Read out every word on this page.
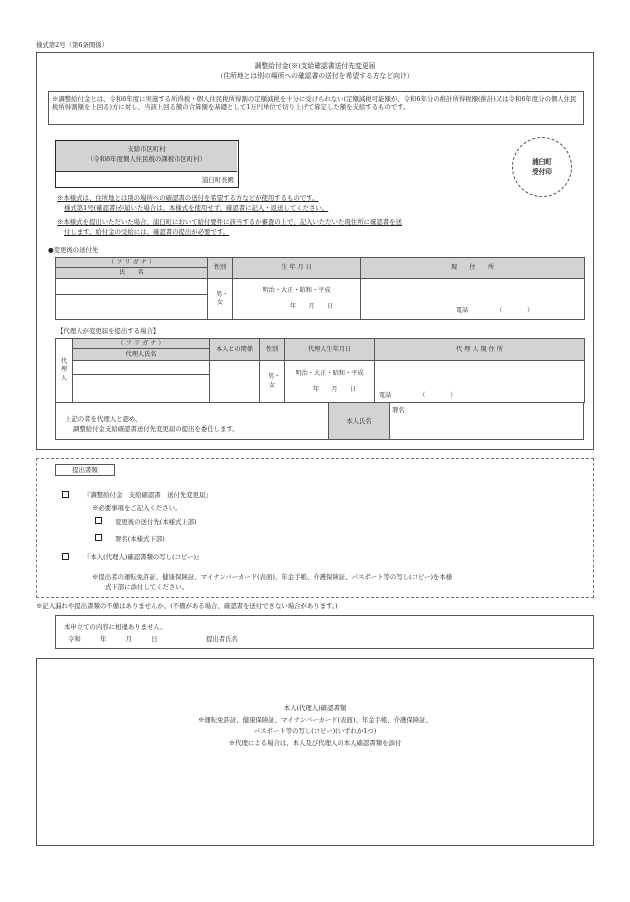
様式第2号（第6条関係）
調整給付金(※)支給確認書送付先変更届
（住所地とは別の場所への確認書の送付を希望する方など向け）
※調整給付金とは、令和6年度に実施する所得税・個人住民税所得割の定額減税を十分に受けられない(定額減税可能額が、令和6年分の推計所得税額(推計)又は令和6年度分の個人住民税所得割額を上回る)方に対し、当該上回る額の合算額を基礎として1万円単位で切り上げて算定した額を支給するものです。
支給市区町村
（令和6年度個人住民税の課税市区町村）
浦臼町長殿
浦臼町
受付印
※本様式は、住所地とは別の場所への確認書の送付を希望する方などが使用するものです。
様式第1号(確認書)が届いた場合は、本様式を使用せず、確認書に記入・返送してください。
※本様式を提出いただいた場合、浦臼町において給付要件に該当するか審査の上で、記入いただいた現住所に確認書を送
付します。給付金の受給には、確認書の提出が必要です。
●変更後の送付先
（ フ リ ガ ナ ）	性別	生 年 月 日	現　　住　　所
氏　　名			

	男・女	明治・大正・昭和・平成
年　　月　　日	電話　　　　　（　　　　）

【代理人が変更届を提出する場合】
代理人	（ フ リ ガ ナ ）	本人との関係	性別	代理人生年月日	代 理 人 現 住 所
	代理人氏名				

			男・女	明治・大正・昭和・平成
年　　月　　日	電話　　　　　（　　　　）

上記の者を代理人と認め、
調整給付金支給確認書送付先変更届の提出を委任します。
本人氏名
署名
提出書類
『調整給付金　支給確認書　送付先変更届』
※必要事項をご記入ください。
変更後の送付先(本様式上部)
署名(本様式下部)
『本人(代理人)確認書類の写し(コピー)』
※提出者の運転免許証、健康保険証、マイナンバーカード(表面)、年金手帳、介護保険証、パスポート等の写し(コピー)を本様
式下部に添付してください。
※記入漏れや提出書類の不備はありませんか。(不備がある場合、確認書を送付できない場合があります。)
本申立ての内容に相違ありません。
令和　　　年　　　月　　　日	提出者氏名
本人(代理人)確認書類
※運転免許証、健康保険証、マイナンバーカード(表面)、年金手帳、介護保険証、
パスポート等の写し(コピー)(いずれか1つ)
※代理による場合は、本人及び代理人の本人確認書類を添付
